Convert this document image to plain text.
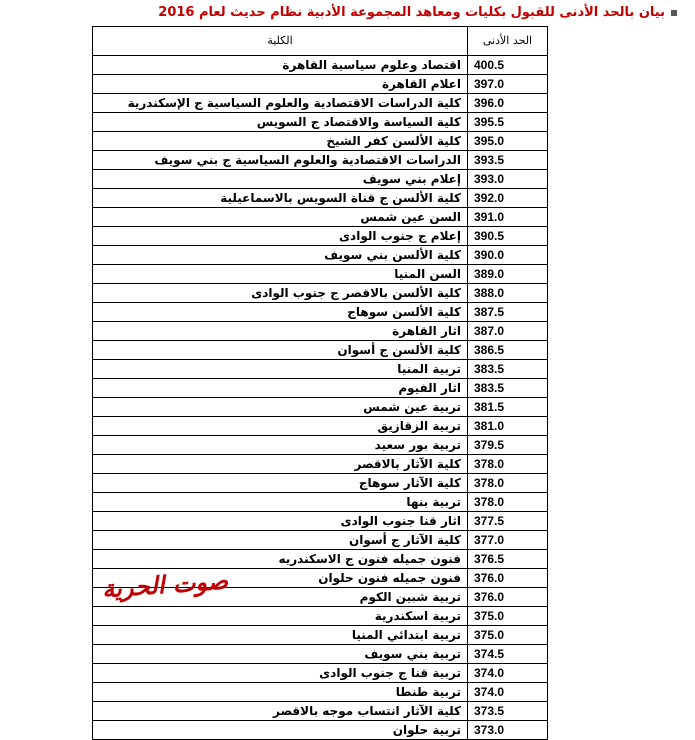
بيان بالحد الأدنى للقبول بكليات ومعاهد المجموعة الأدبية نظام حديث لعام 2016
الحد الأدنى	الكلية
400.5	اقتصاد وعلوم سياسية القاهرة
397.0	اعلام القاهرة
396.0	كلية الدراسات الاقتصادية والعلوم السياسية ج الإسكندرية
395.5	كلية السياسة والاقتصاد ج السويس
395.0	كلية الألسن كفر الشيخ
393.5	الدراسات الاقتصادية والعلوم السياسية ج بني سويف
393.0	إعلام بني سويف
392.0	كلية الألسن ج قناة السويس بالاسماعيلية
391.0	السن عين شمس
390.5	إعلام ج جنوب الوادى
390.0	كلية الألسن بني سويف
389.0	السن المنيا
388.0	كلية الألسن بالاقصر ج جنوب الوادى
387.5	كلية الألسن سوهاج
387.0	اثار القاهرة
386.5	كلية الألسن ج أسوان
383.5	تربية المنيا
383.5	اثار الفيوم
381.5	تربية عين شمس
381.0	تربية الزقازيق
379.5	تربية بور سعيد
378.0	كلية الآثار بالاقصر
378.0	كلية الآثار سوهاج
378.0	تربية بنها
377.5	اثار قنا جنوب الوادى
377.0	كلية الآثار ج أسوان
376.5	فنون جميله فنون ج الاسكندريه
376.0	فنون جميله فنون حلوان
376.0	تربية شبين الكوم
375.0	تربية اسكندرية
375.0	تربية ابتدائي المنيا
374.5	تربية بني سويف
374.0	تربية قنا ج جنوب الوادى
374.0	تربية طنطا
373.5	كلية الآثار انتساب موجه بالاقصر
373.0	تربية حلوان
صوت الحرية
